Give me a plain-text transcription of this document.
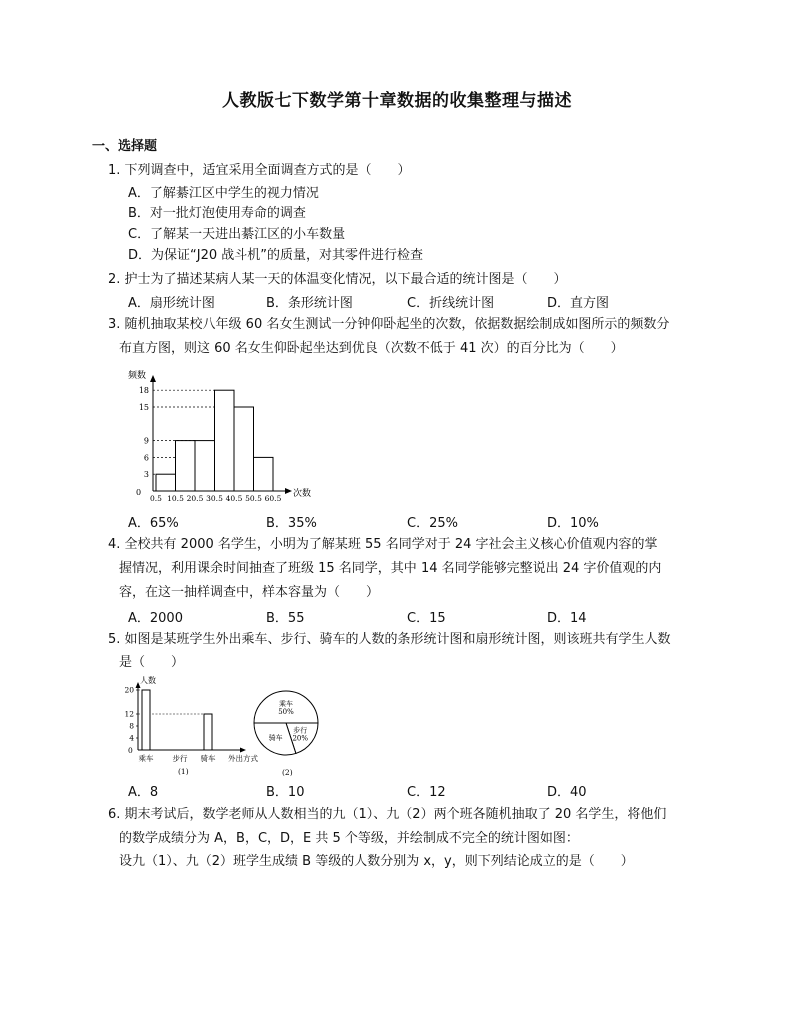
人教版七下数学第十章数据的收集整理与描述
一、选择题
1. 下列调查中，适宜采用全面调查方式的是（　　）
A．了解綦江区中学生的视力情况
B．对一批灯泡使用寿命的调查
C．了解某一天进出綦江区的小车数量
D．为保证“J20 战斗机”的质量，对其零件进行检查
2. 护士为了描述某病人某一天的体温变化情况，以下最合适的统计图是（　　）
A．扇形统计图	B．条形统计图	C．折线统计图	D．直方图
3. 随机抽取某校八年级 60 名女生测试一分钟仰卧起坐的次数，依据数据绘制成如图所示的频数分
布直方图，则这 60 名女生仰卧起坐达到优良（次数不低于 41 次）的百分比为（　　）
频数
次数
0
3
6
9
15
18
0.5 10.5 20.5 30.5 40.5 50.5 60.5
A．65%	B．35%	C．25%	D．10%
4. 全校共有 2000 名学生，小明为了解某班 55 名同学对于 24 字社会主义核心价值观内容的掌
握情况，利用课余时间抽查了班级 15 名同学，其中 14 名同学能够完整说出 24 字价值观的内
容，在这一抽样调查中，样本容量为（　　）
A．2000	B．55	C．15	D．14
5. 如图是某班学生外出乘车、步行、骑车的人数的条形统计图和扇形统计图，则该班共有学生人数
是（　　）
人数
0
4
8
12
20
乘车	步行 骑车 外出方式
(1)
乘车
50%
步行
20%
骑车
(2)
A．8	B．10	C．12	D．40
6. 期末考试后，数学老师从人数相当的九（1）、九（2）两个班各随机抽取了 20 名学生，将他们
的数学成绩分为 A，B，C，D，E 共 5 个等级，并绘制成不完全的统计图如图：
设九（1）、九（2）班学生成绩 B 等级的人数分别为 x，y，则下列结论成立的是（　　）
